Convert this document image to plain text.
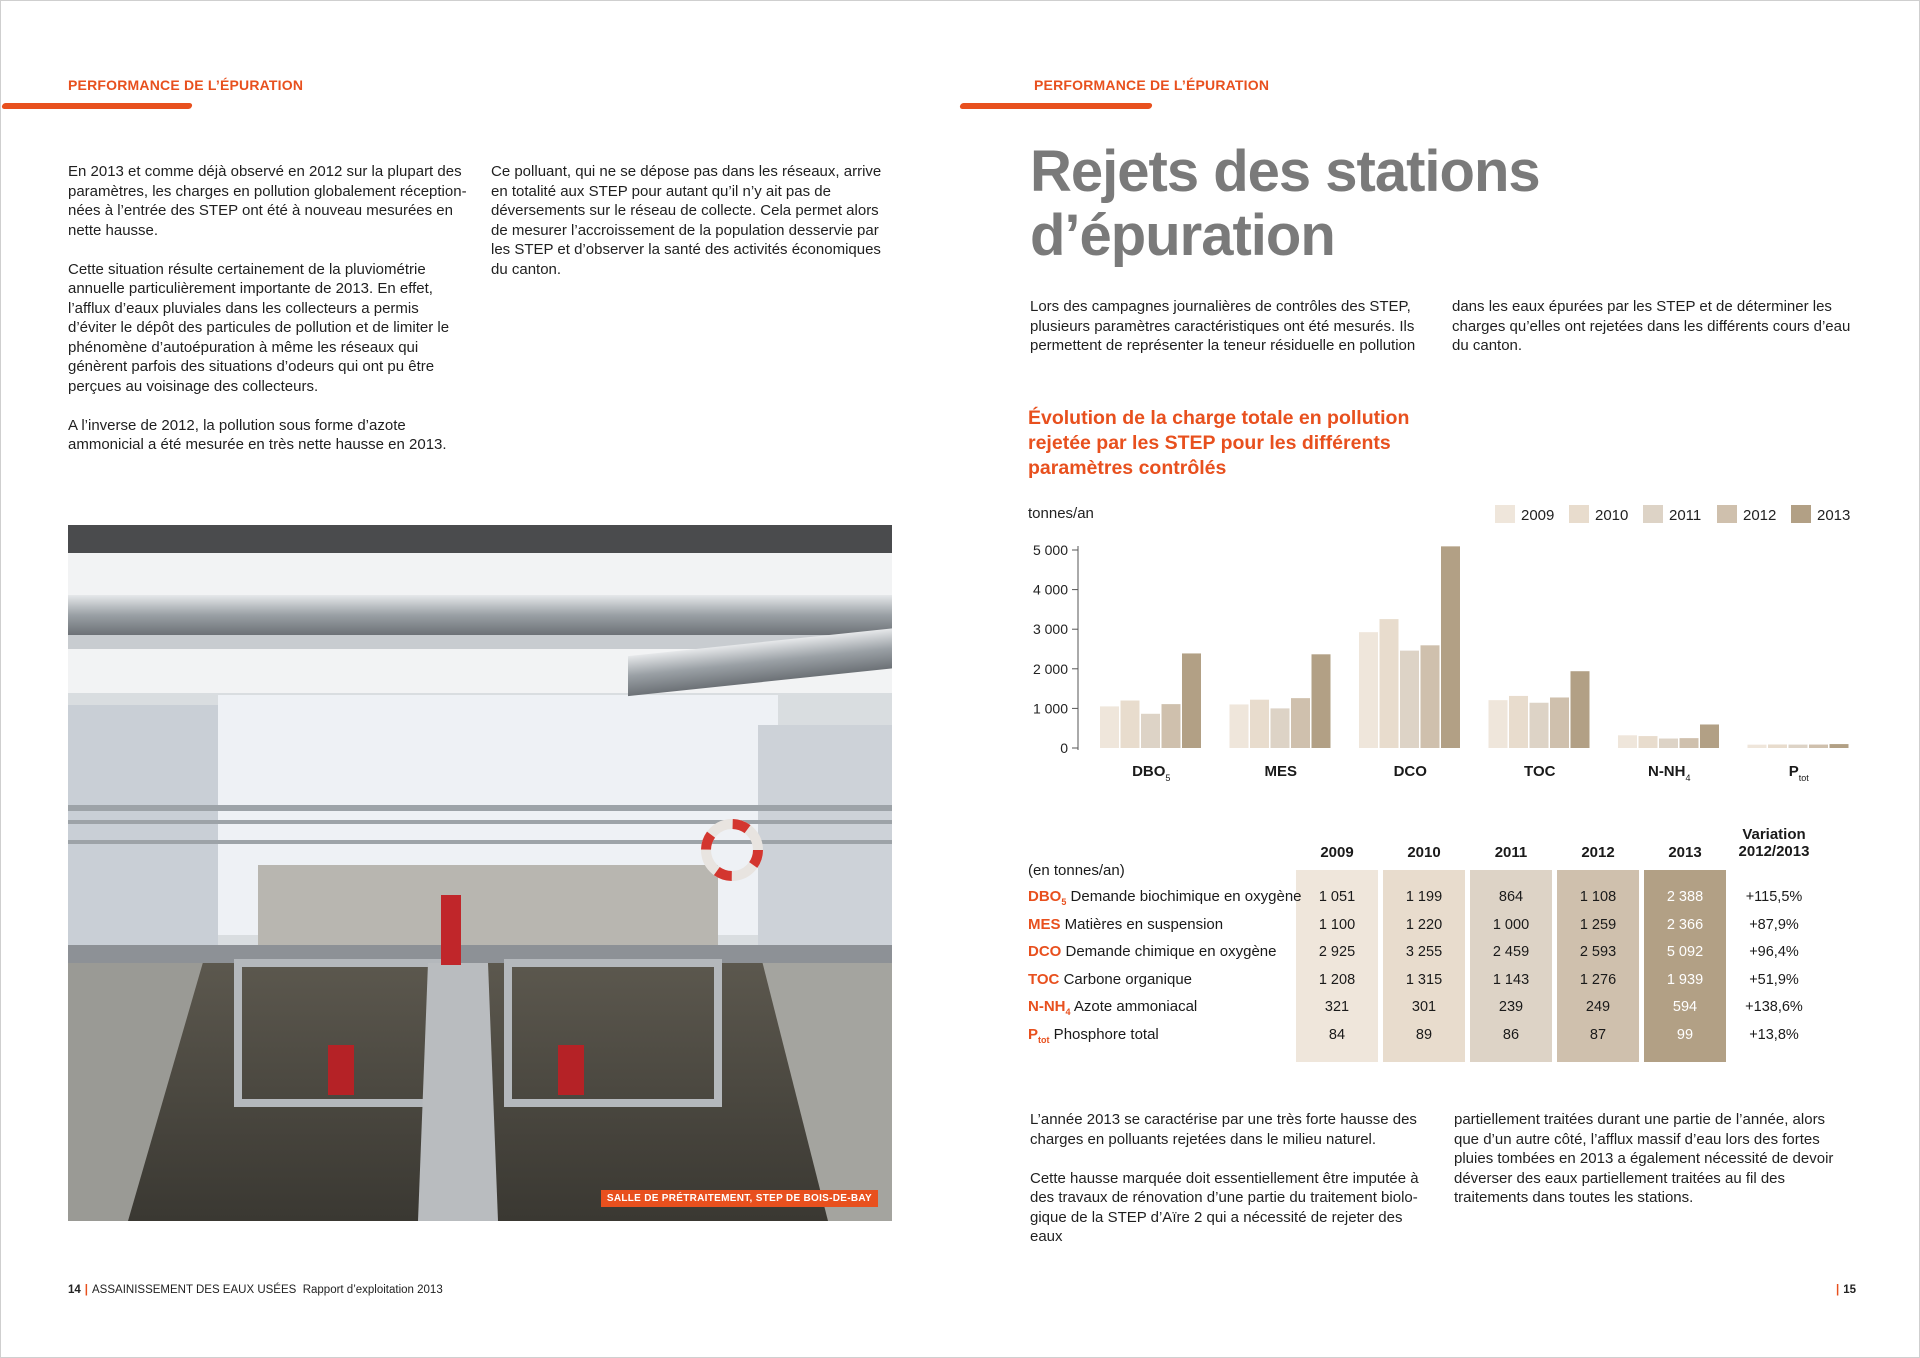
PERFORMANCE DE L’ÉPURATION

En 2013 et comme déjà observé en 2012 sur la plupart des paramètres, les charges en pollution globalement réception-nées à l’entrée des STEP ont été à nouveau mesurées en nette hausse.

Cette situation résulte certainement de la pluviométrie annuelle particulièrement importante de 2013. En effet, l’afflux d’eaux pluviales dans les collecteurs a permis d’éviter le dépôt des particules de pollution et de limiter le phénomène d’autoépuration à même les réseaux qui génèrent parfois des situations d’odeurs qui ont pu être perçues au voisinage des collecteurs.

A l’inverse de 2012, la pollution sous forme d’azote ammonicial a été mesurée en très nette hausse en 2013.

Ce polluant, qui ne se dépose pas dans les réseaux, arrive en totalité aux STEP pour autant qu’il n’y ait pas de déversements sur le réseau de collecte. Cela permet alors de mesurer l’accroissement de la population desservie par les STEP et d’observer la santé des activités économiques du canton.

SALLE DE PRÉTRAITEMENT, STEP DE BOIS-DE-BAY
14 | ASSAINISSEMENT DES EAUX USÉES Rapport d’exploitation 2013
PERFORMANCE DE L’ÉPURATION
Rejets des stations
d’épuration

Lors des campagnes journalières de contrôles des STEP, plusieurs paramètres caractéristiques ont été mesurés. Ils permettent de représenter la teneur résiduelle en pollution

dans les eaux épurées par les STEP et de déterminer les charges qu’elles ont rejetées dans les différents cours d’eau du canton.

Évolution de la charge totale en pollution rejetée par les STEP pour les différents paramètres contrôlés
tonnes/an
0
1 000
2 000
3 000
4 000
5 000
$DBO_5$	MES	DCO	TOC	$N-NH_4$	$P_{tot}$
2009	2010	2011	2012	2013
2009	2010	2011	2012	2013
Variation
2012/2013
(en tonnes/an)
$DBO_5$ Demande biochimique en oxygène	1 051	1 199	864	1 108	2 388	+115,5%
MES Matières en suspension	1 100	1 220	1 000	1 259	2 366	+87,9%
DCO Demande chimique en oxygène	2 925	3 255	2 459	2 593	5 092	+96,4%
TOC Carbone organique	1 208	1 315	1 143	1 276	1 939	+51,9%
$N-NH_4$ Azote ammoniacal	321	301	239	249	594	+138,6%
$P_{tot}$ Phosphore total	84	89	86	87	99	+13,8%

L’année 2013 se caractérise par une très forte hausse des charges en polluants rejetées dans le milieu naturel.

Cette hausse marquée doit essentiellement être imputée à des travaux de rénovation d’une partie du traitement biolo-gique de la STEP d’Aïre 2 qui a nécessité de rejeter des eaux

partiellement traitées durant une partie de l’année, alors que d’un autre côté, l’afflux massif d’eau lors des fortes pluies tombées en 2013 a également nécessité de devoir déverser des eaux partiellement traitées au fil des traitements dans toutes les stations.

| 15
